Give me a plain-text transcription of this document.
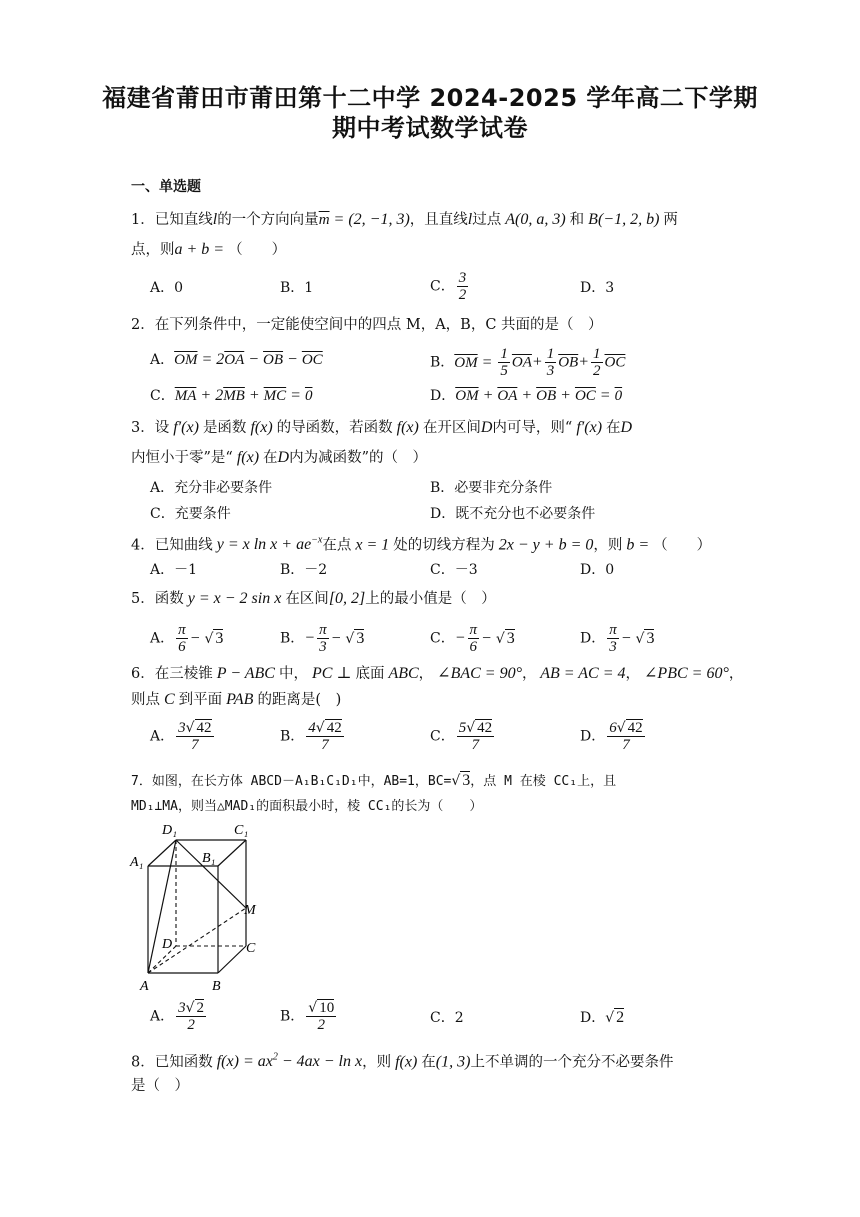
福建省莆田市莆田第十二中学 2024-2025 学年高二下学期
期中考试数学试卷
一、单选题
1．已知直线l的一个方向向量$\overline{m} = (2$, −1, 3)，且直线l过点 A(0, a, 3) 和 B(−1, 2, b) 两
点，则a + b = （　　）
A．0	B．1	C． $\frac{3}{2}$	D．3
2．在下列条件中，一定能使空间中的四点 M，A，B，C 共面的是（　）
A．$\overline{OM} = 2\overline{OA} - \overline{OB} - \overline{OC}$	B．$\overline{OM} = \frac{1}{5} \overline{OA}+ \frac{1}{3} \overline{OB}+ \frac{1}{2} \overline{OC}$
C．$\overline{MA} + 2\overline{MB} + \overline{MC} = 0$	D．$\overline{OM} + \overline{OA} + \overline{OB} + \overline{OC} = 0$
3．设 f′(x) 是函数 f(x) 的导函数，若函数 f(x) 在开区间D内可导，则“ f′(x) 在D
内恒小于零”是“ f(x) 在D内为减函数”的（　）
A．充分非必要条件	B．必要非充分条件
C．充要条件	D．既不充分也不必要条件
4．已知曲线 y = x $\ln x + ae^{-x}$在点 x = 1 处的切线方程为 2x − y + b = 0，则 b = （　　）
A．－1	B．－2	C．－3	D．0
5．函数 y = x − 2 sin x 在区间[0, 2]上的最小值是（　）
A． $\frac{\pi}{6}$ − √ 3	B．− $\frac{\pi}{3}$ − √ 3	C．− $\frac{\pi}{6}$ − √ 3	D． $\frac{\pi}{3}$ − √ 3
6．在三棱锥 P − ABC 中， PC ⊥ 底面 ABC， ∠BAC = 90°， AB = AC = 4， ∠PBC = 60°，
则点 C 到平面 PAB 的距离是(　)
A． $\frac{3√ 42}{7}$	B． $\frac{4√ 42}{7}$	C． $\frac{5√ 42}{7}$	D． $\frac{6√ 42}{7}$
7．如图，在长方体 ABCD－A₁B₁C₁D₁中，AB=1，BC=√ 3，点 M 在棱 CC₁上，且
MD₁⊥MA，则当△MAD₁的面积最小时，棱 CC₁的长为（　　）
D₁	C₁
A₁	B₁
M
D	C
A	B
A． $\frac{3√ 2}{2}$	B． $\frac{√ 10}{2}$	C．2	D．√ 2
8．已知函数 $f(x) = ax^2 - 4ax - \ln x$，则 f(x) 在(1, 3)上不单调的一个充分不必要条件
是（　）
